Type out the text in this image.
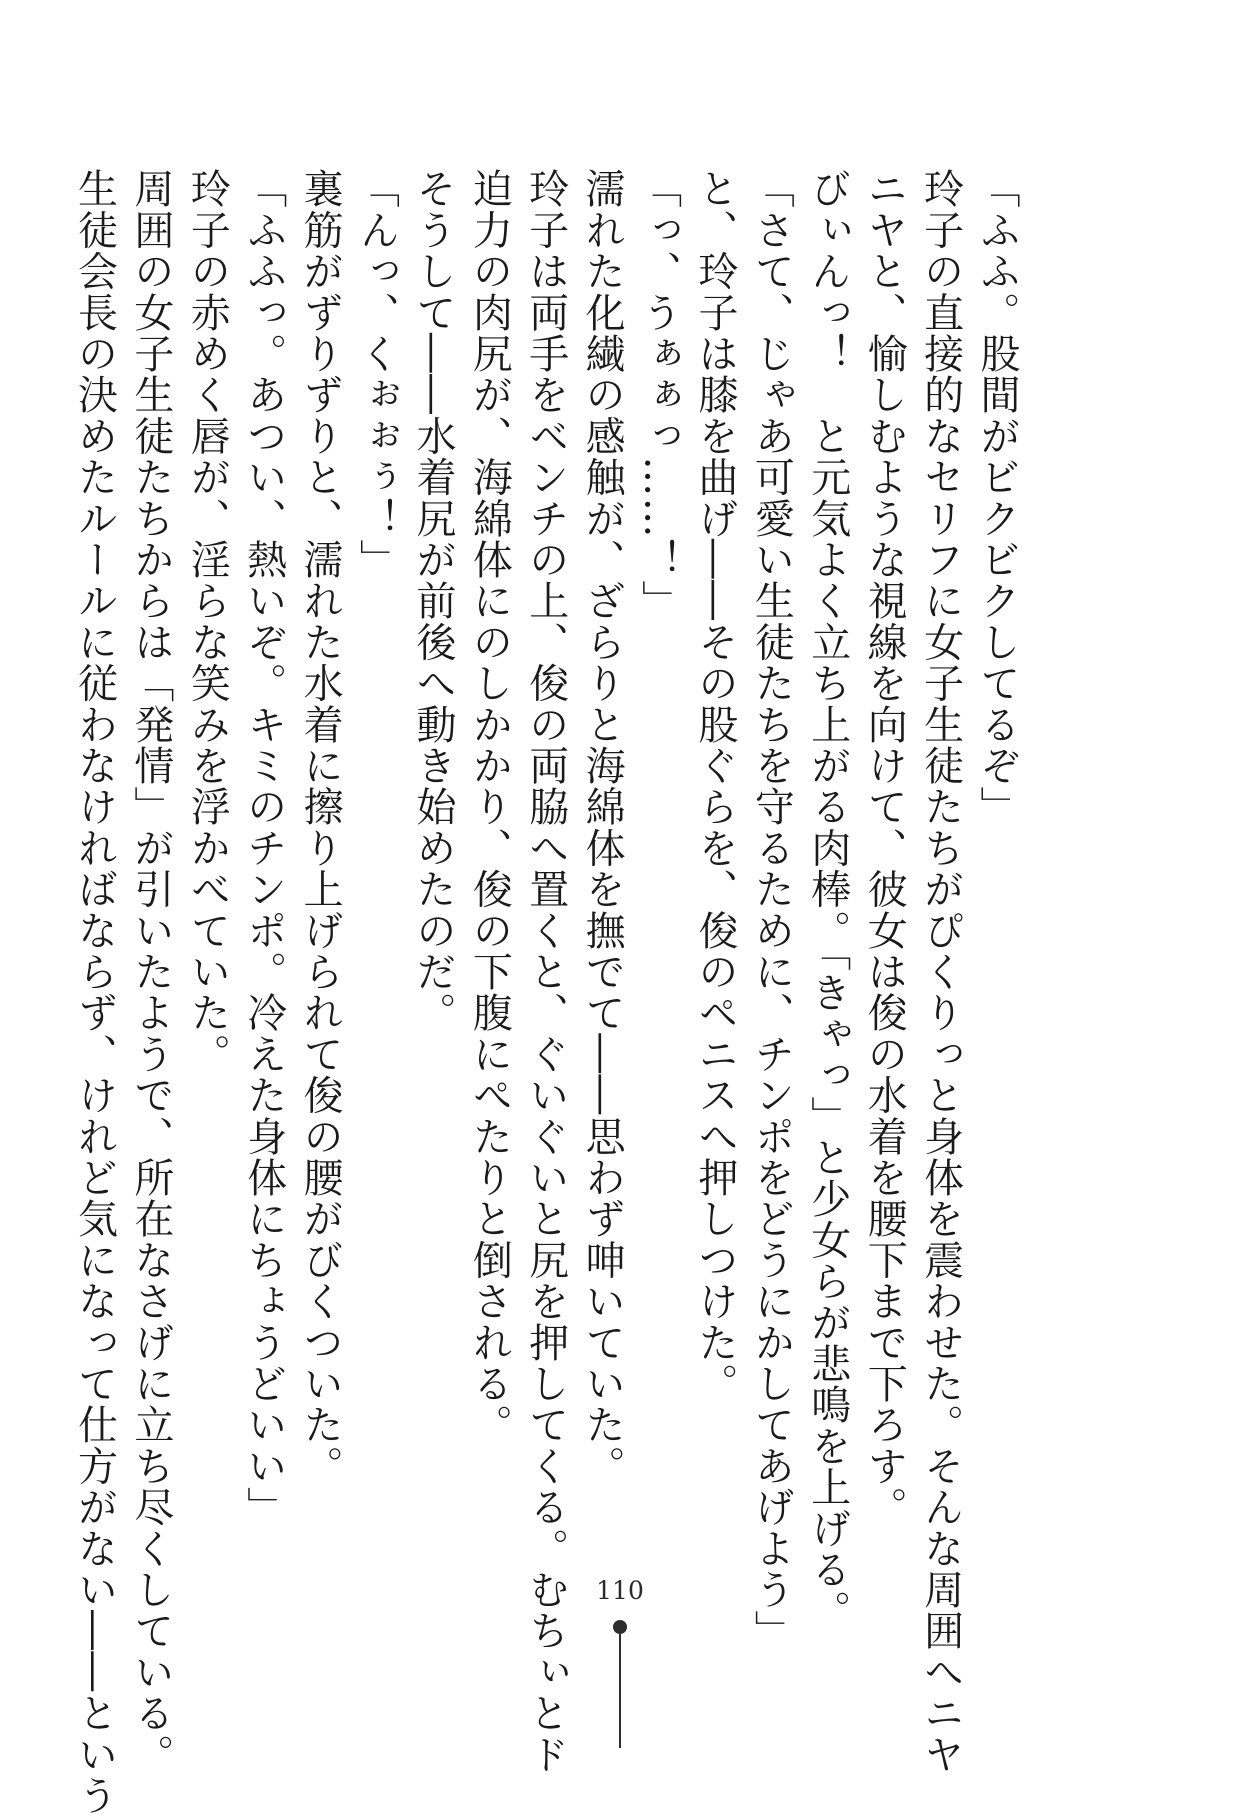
「ふふ。股間がビクビクしてるぞ」

玲子の直接的なセリフに女子生徒たちがぴくりっと身体を震わせた。そんな周囲へニヤ

ニヤと、愉しむような視線を向けて、彼女は俊の水着を腰下まで下ろす。

びぃんっ！　と元気よく立ち上がる肉棒。「きゃっ」と少女らが悲鳴を上げる。

「さて、じゃあ可愛い生徒たちを守るために、チンポをどうにかしてあげよう」

と、玲子は膝を曲げ――その股ぐらを、俊のペニスへ押しつけた。

「っ、うぁぁっ……！」

濡れた化繊の感触が、ざらりと海綿体を撫でて――思わず呻いていた。

玲子は両手をベンチの上、俊の両脇へ置くと、ぐいぐいと尻を押してくる。むちぃとド

迫力の肉尻が、海綿体にのしかかり、俊の下腹にぺたりと倒される。

そうして――水着尻が前後へ動き始めたのだ。

「んっ、くぉぉぅ！」

裏筋がずりずりと、濡れた水着に擦り上げられて俊の腰がびくついた。

「ふふっ。あつい、熱いぞ。キミのチンポ。冷えた身体にちょうどいい」

玲子の赤めく唇が、淫らな笑みを浮かべていた。

周囲の女子生徒たちからは「発情」が引いたようで、所在なさげに立ち尽くしている。

生徒会長の決めたルールに従わなければならず、けれど気になって仕方がない――という	110
